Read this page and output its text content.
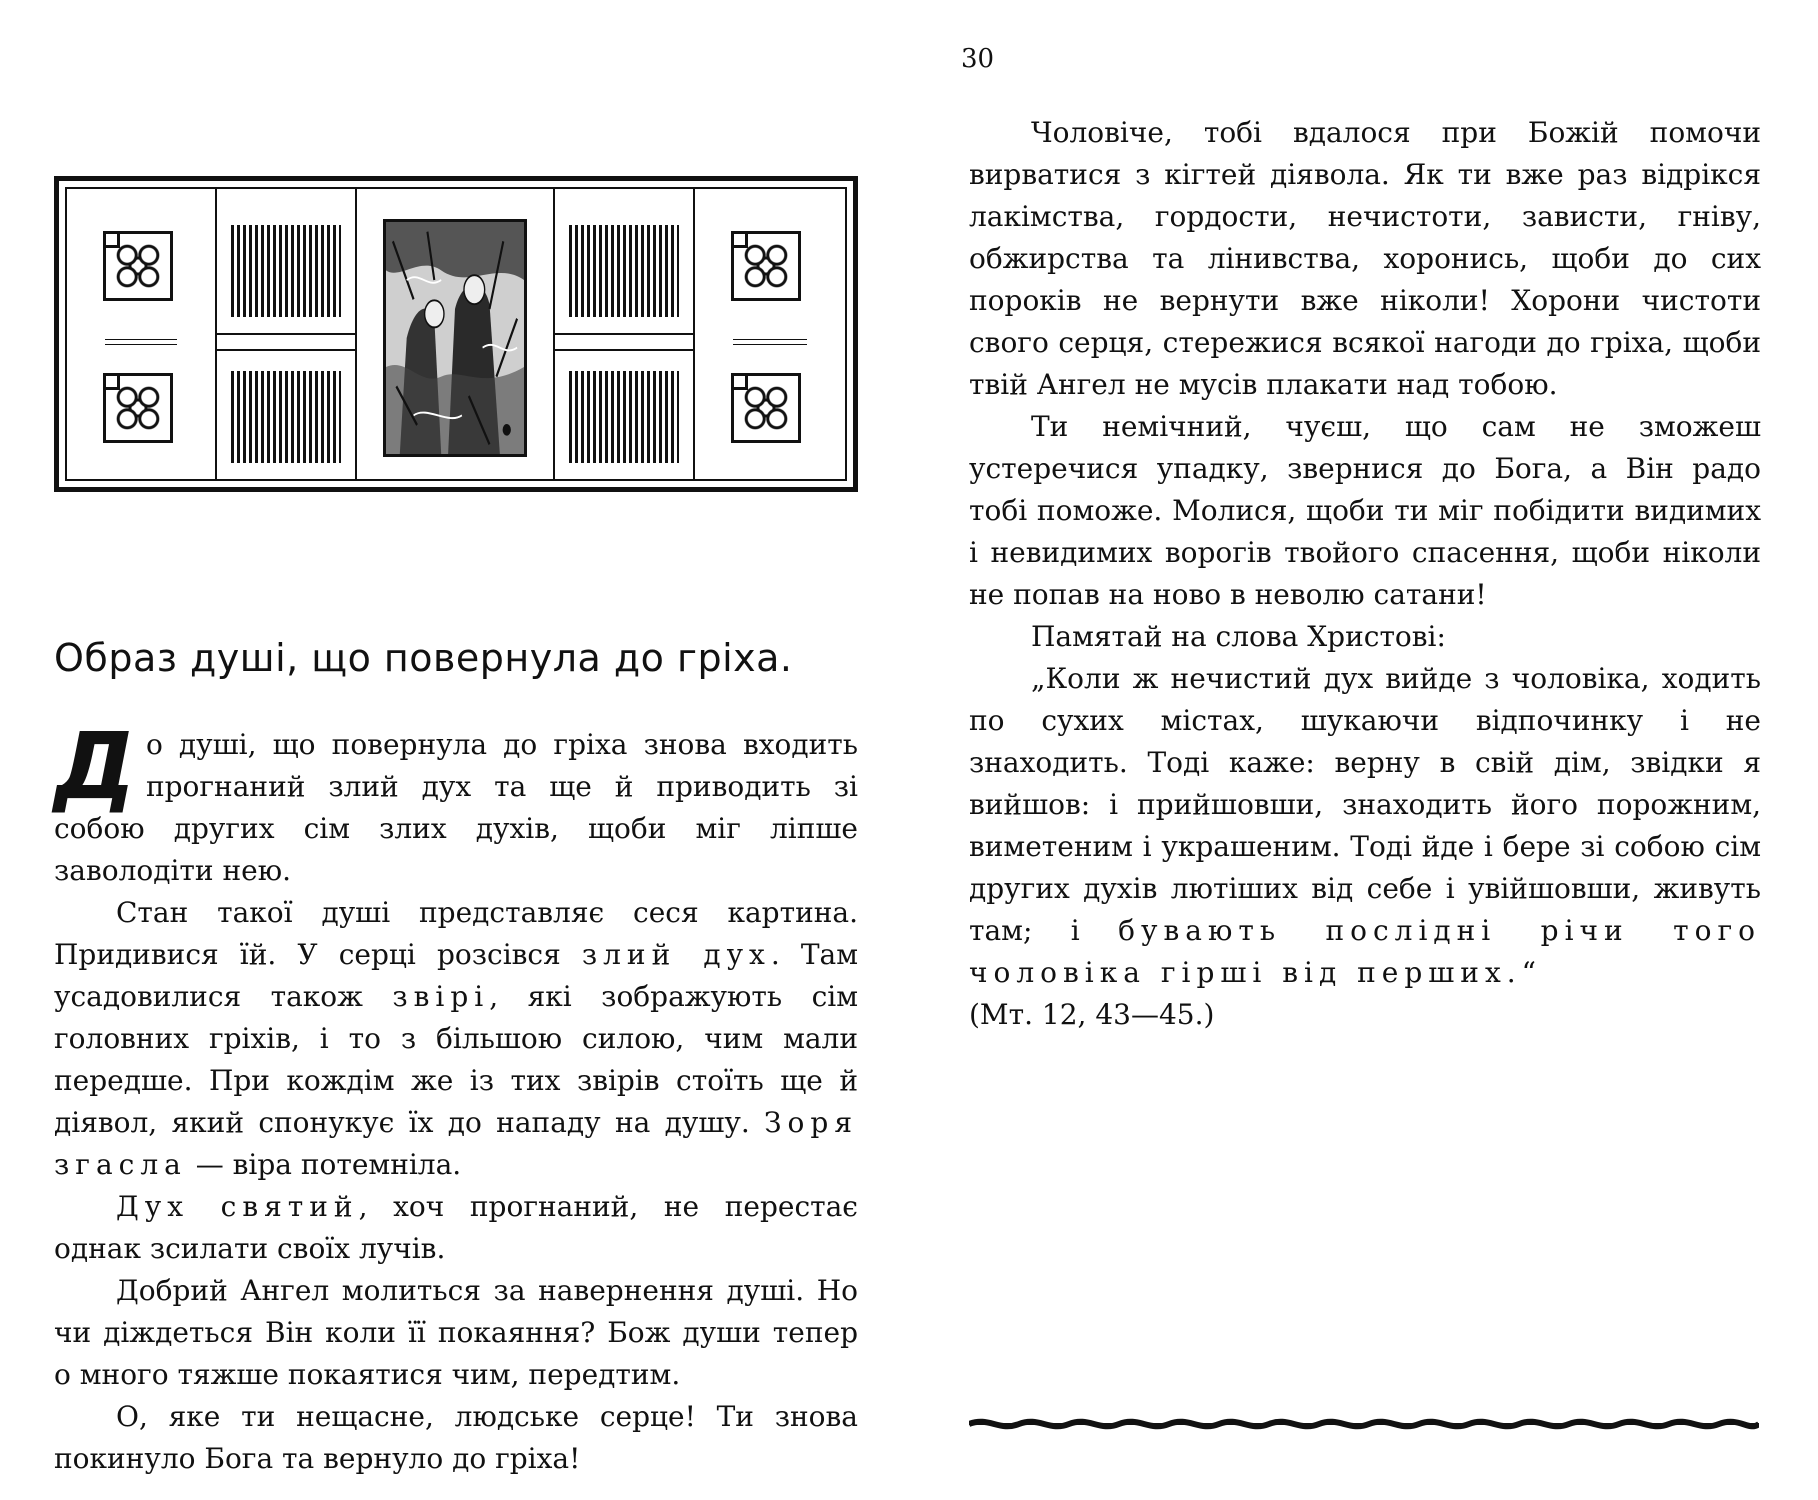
Образ душі, що повернула до гріха.

До душі, що повернула до гріха знова входить прогнаний злий дух та ще й приводить зі собою других сім злих духів, щоби міг ліпше заволодіти нею.

Стан такої душі представляє сеся картина. Придивися їй. У серці розсівся злий дух. Там усадовилися також звірі, які зображують сім головних гріхів, і то з більшою силою, чим мали передше. При кождім же із тих звірів стоїть ще й діявол, який спонукує їх до нападу на душу. Зоря згасла — віра потемніла.

Дух святий, хоч прогнаний, не перестає однак зсилати своїх лучів.

Добрий Ангел молиться за навернення душі. Но чи діждеться Він коли її покаяння? Бож души тепер о много тяжше покаятися чим, передтим.

О, яке ти нещасне, людське серце! Ти знова покинуло Бога та вернуло до гріха!

30

Чоловіче, тобі вдалося при Божій помочи вирватися з кігтей діявола. Як ти вже раз відрікся лакімства, гордости, нечистоти, зависти, гніву, обжирства та лінивства, хоронись, щоби до сих пороків не вернути вже ніколи! Хорони чистоти свого серця, стережися всякої нагоди до гріха, щоби твій Ангел не мусів плакати над тобою.

Ти немічний, чуєш, що сам не зможеш устеречися упадку, звернися до Бога, а Він радо тобі поможе. Молися, щоби ти міг побідити видимих і невидимих ворогів твойого спасення, щоби ніколи не попав на ново в неволю сатани!

Памятай на слова Христові:

„Коли ж нечистий дух вийде з чоловіка, ходить по сухих містах, шукаючи відпочинку і не знаходить. Тоді каже: верну в свій дім, звідки я вийшов: і прийшовши, знаходить його порожним, виметеним і украшеним. Тоді йде і бере зі собою сім других духів лютіших від себе і увійшовши, живуть там; і бувають послідні річи того чоловіка гірші від перших.“

(Мт. 12, 43—45.)
